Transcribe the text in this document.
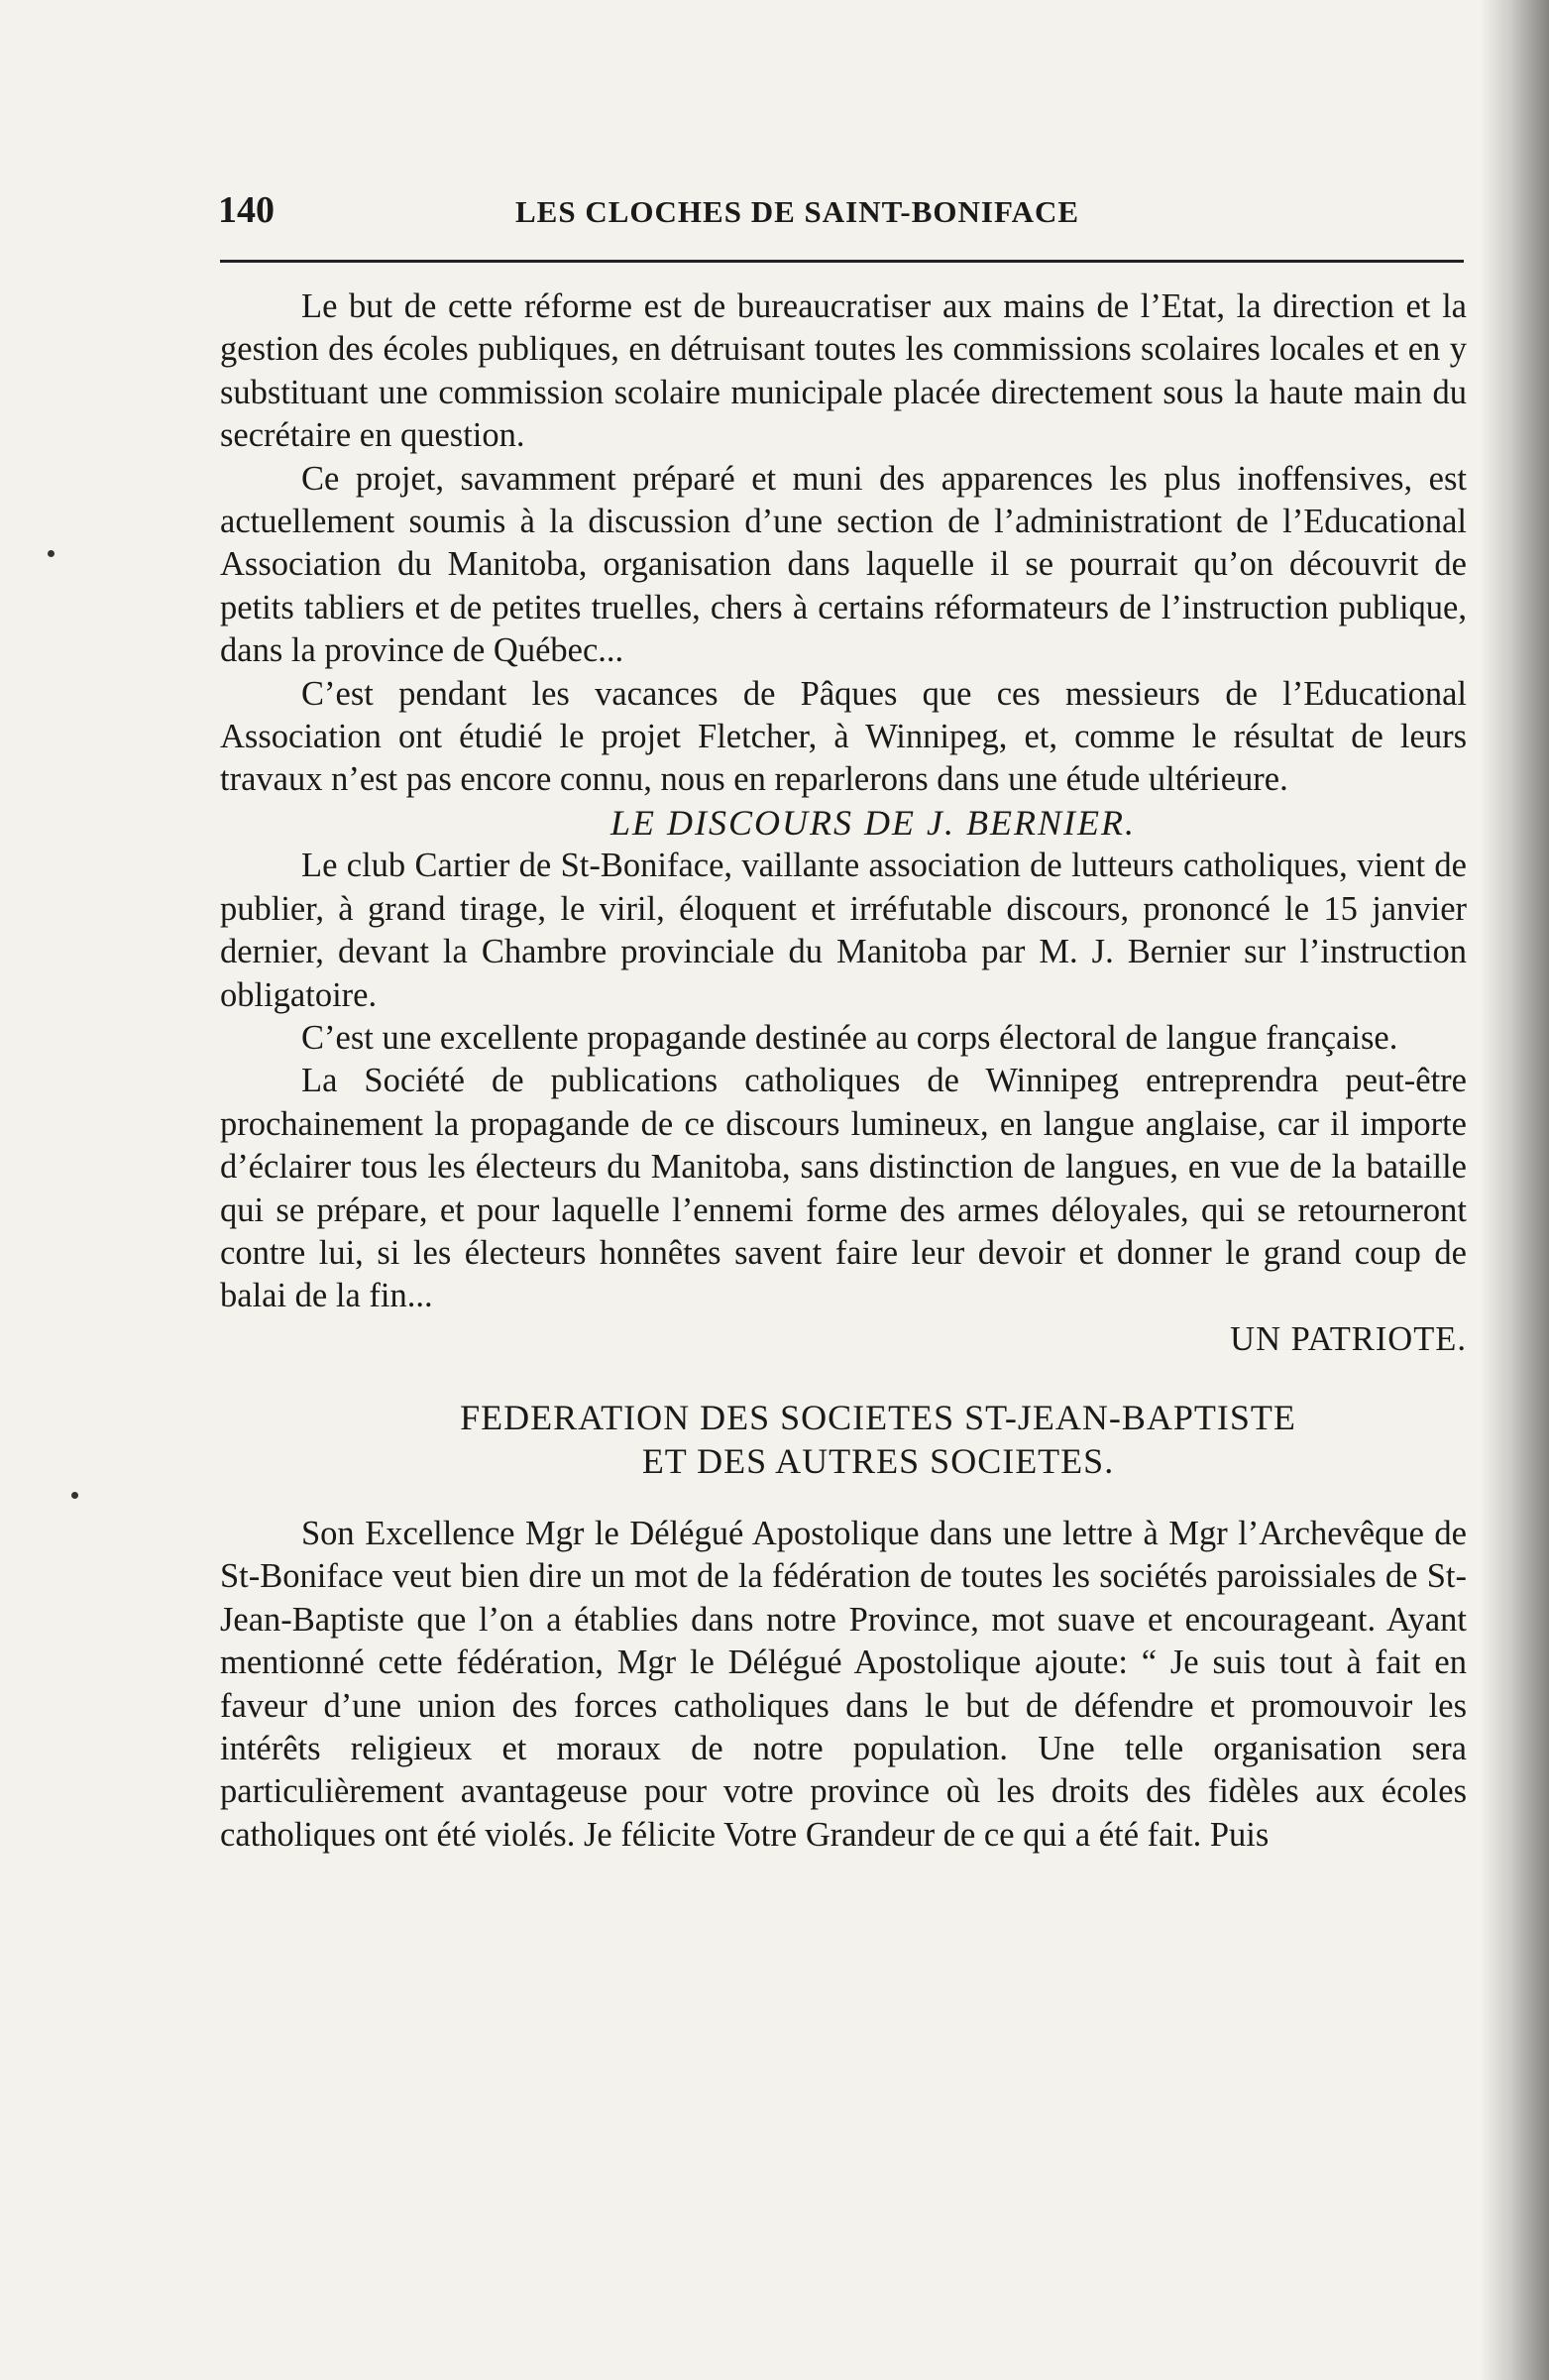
140	LES CLOCHES DE SAINT-BONIFACE

Le but de cette réforme est de bureaucratiser aux mains de l’Etat, la direction et la gestion des écoles publiques, en détruisant toutes les commissions scolaires locales et en y substituant une commission scolaire municipale placée directement sous la haute main du secrétaire en question.

Ce projet, savamment préparé et muni des apparences les plus inoffensives, est actuellement soumis à la discussion d’une section de l’administrationt de l’Educational Association du Manitoba, organisation dans laquelle il se pourrait qu’on découvrit de petits tabliers et de petites truelles, chers à certains réformateurs de l’instruction publique, dans la province de Québec...

C’est pendant les vacances de Pâques que ces messieurs de l’Educational Association ont étudié le projet Fletcher, à Winnipeg, et, comme le résultat de leurs travaux n’est pas encore connu, nous en reparlerons dans une étude ultérieure.

LE DISCOURS DE J. BERNIER.

Le club Cartier de St-Boniface, vaillante association de lutteurs catholiques, vient de publier, à grand tirage, le viril, éloquent et irréfutable discours, prononcé le 15 janvier dernier, devant la Chambre provinciale du Manitoba par M. J. Bernier sur l’instruction obligatoire.

C’est une excellente propagande destinée au corps électoral de langue française.

La Société de publications catholiques de Winnipeg entreprendra peut-être prochainement la propagande de ce discours lumineux, en langue anglaise, car il importe d’éclairer tous les électeurs du Manitoba, sans distinction de langues, en vue de la bataille qui se prépare, et pour laquelle l’ennemi forme des armes déloyales, qui se retourneront contre lui, si les électeurs honnêtes savent faire leur devoir et donner le grand coup de balai de la fin...

UN PATRIOTE.

FEDERATION DES SOCIETES ST-JEAN-BAPTISTE

ET DES AUTRES SOCIETES.

Son Excellence Mgr le Délégué Apostolique dans une lettre à Mgr l’Archevêque de St-Boniface veut bien dire un mot de la fédération de toutes les sociétés paroissiales de St-Jean-Baptiste que l’on a établies dans notre Province, mot suave et encourageant. Ayant mentionné cette fédération, Mgr le Délégué Apostolique ajoute: “ Je suis tout à fait en faveur d’une union des forces catholiques dans le but de défendre et promouvoir les intérêts religieux et moraux de notre population. Une telle organisation sera particulièrement avantageuse pour votre province où les droits des fidèles aux écoles catholiques ont été violés. Je félicite Votre Grandeur de ce qui a été fait. Puis
